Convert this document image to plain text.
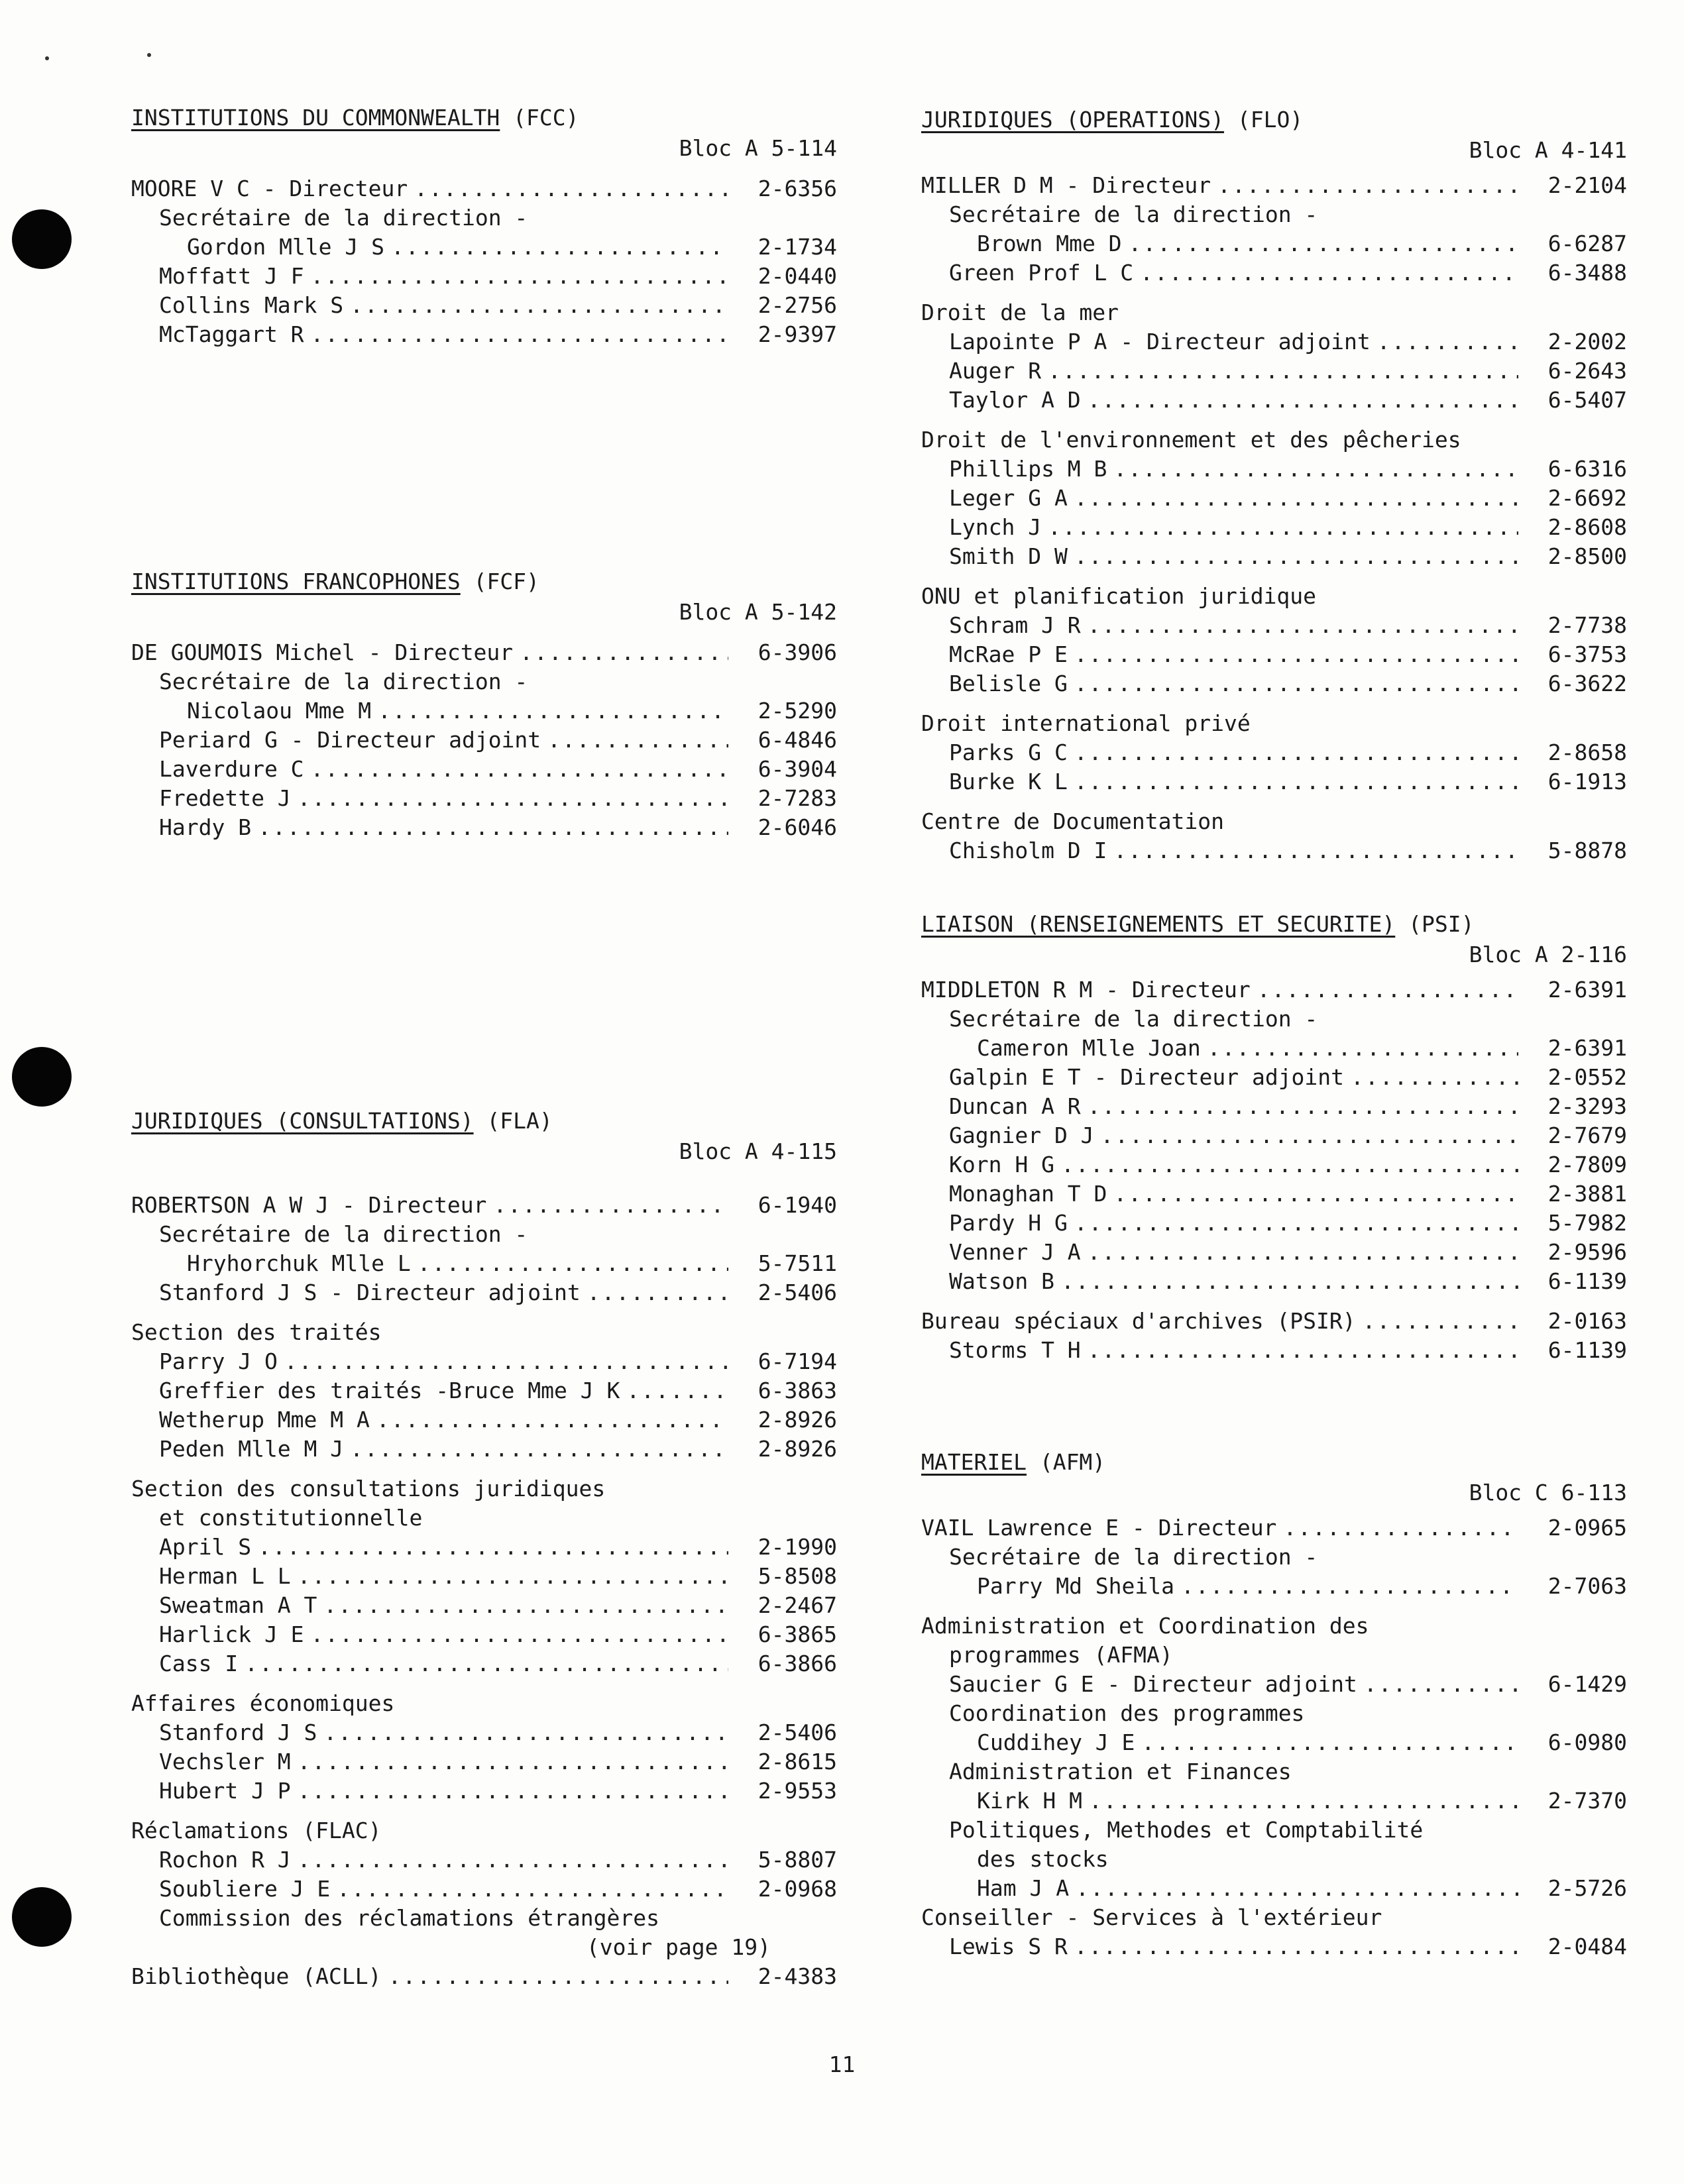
INSTITUTIONS DU COMMONWEALTH (FCC)
Bloc A 5-114
MOORE V C - Directeur .....	2-6356
Secrétaire de la direction -
Gordon Mlle J S .....	2-1734
Moffatt J F .....	2-0440
Collins Mark S .....	2-2756
McTaggart R .....	2-9397
INSTITUTIONS FRANCOPHONES (FCF)
Bloc A 5-142
DE GOUMOIS Michel - Directeur .....	6-3906
Secrétaire de la direction -
Nicolaou Mme M .....	2-5290
Periard G - Directeur adjoint .....	6-4846
Laverdure C .....	6-3904
Fredette J .....	2-7283
Hardy B .....	2-6046
JURIDIQUES (CONSULTATIONS) (FLA)
Bloc A 4-115
ROBERTSON A W J - Directeur .....	6-1940
Secrétaire de la direction -
Hryhorchuk Mlle L .....	5-7511
Stanford J S - Directeur adjoint .....	2-5406
Section des traités
Parry J O .....	6-7194
Greffier des traités -Bruce Mme J K .....	6-3863
Wetherup Mme M A .....	2-8926
Peden Mlle M J .....	2-8926
Section des consultations juridiques
et constitutionnelle
April S .....	2-1990
Herman L L .....	5-8508
Sweatman A T .....	2-2467
Harlick J E .....	6-3865
Cass I .....	6-3866
Affaires économiques
Stanford J S .....	2-5406
Vechsler M .....	2-8615
Hubert J P .....	2-9553
Réclamations (FLAC)
Rochon R J .....	5-8807
Soubliere J E .....	2-0968
Commission des réclamations étrangères
(voir page 19)
Bibliothèque (ACLL) .....	2-4383
JURIDIQUES (OPERATIONS) (FLO)
Bloc A 4-141
MILLER D M - Directeur .....	2-2104
Secrétaire de la direction -
Brown Mme D .....	6-6287
Green Prof L C .....	6-3488
Droit de la mer
Lapointe P A - Directeur adjoint .....	2-2002
Auger R .....	6-2643
Taylor A D .....	6-5407
Droit de l'environnement et des pêcheries
Phillips M B .....	6-6316
Leger G A .....	2-6692
Lynch J .....	2-8608
Smith D W .....	2-8500
ONU et planification juridique
Schram J R .....	2-7738
McRae P E .....	6-3753
Belisle G .....	6-3622
Droit international privé
Parks G C .....	2-8658
Burke K L .....	6-1913
Centre de Documentation
Chisholm D I .....	5-8878
LIAISON (RENSEIGNEMENTS ET SECURITE) (PSI)
Bloc A 2-116
MIDDLETON R M - Directeur .....	2-6391
Secrétaire de la direction -
Cameron Mlle Joan .....	2-6391
Galpin E T - Directeur adjoint .....	2-0552
Duncan A R .....	2-3293
Gagnier D J .....	2-7679
Korn H G .....	2-7809
Monaghan T D .....	2-3881
Pardy H G .....	5-7982
Venner J A .....	2-9596
Watson B .....	6-1139
Bureau spéciaux d'archives (PSIR) .....	2-0163
Storms T H .....	6-1139
MATERIEL (AFM)
Bloc C 6-113
VAIL Lawrence E - Directeur .....	2-0965
Secrétaire de la direction -
Parry Md Sheila .....	2-7063
Administration et Coordination des
programmes (AFMA)
Saucier G E - Directeur adjoint .....	6-1429
Coordination des programmes
Cuddihey J E .....	6-0980
Administration et Finances
Kirk H M .....	2-7370
Politiques, Methodes et Comptabilité
des stocks
Ham J A .....	2-5726
Conseiller - Services à l'extérieur
Lewis S R .....	2-0484
11
